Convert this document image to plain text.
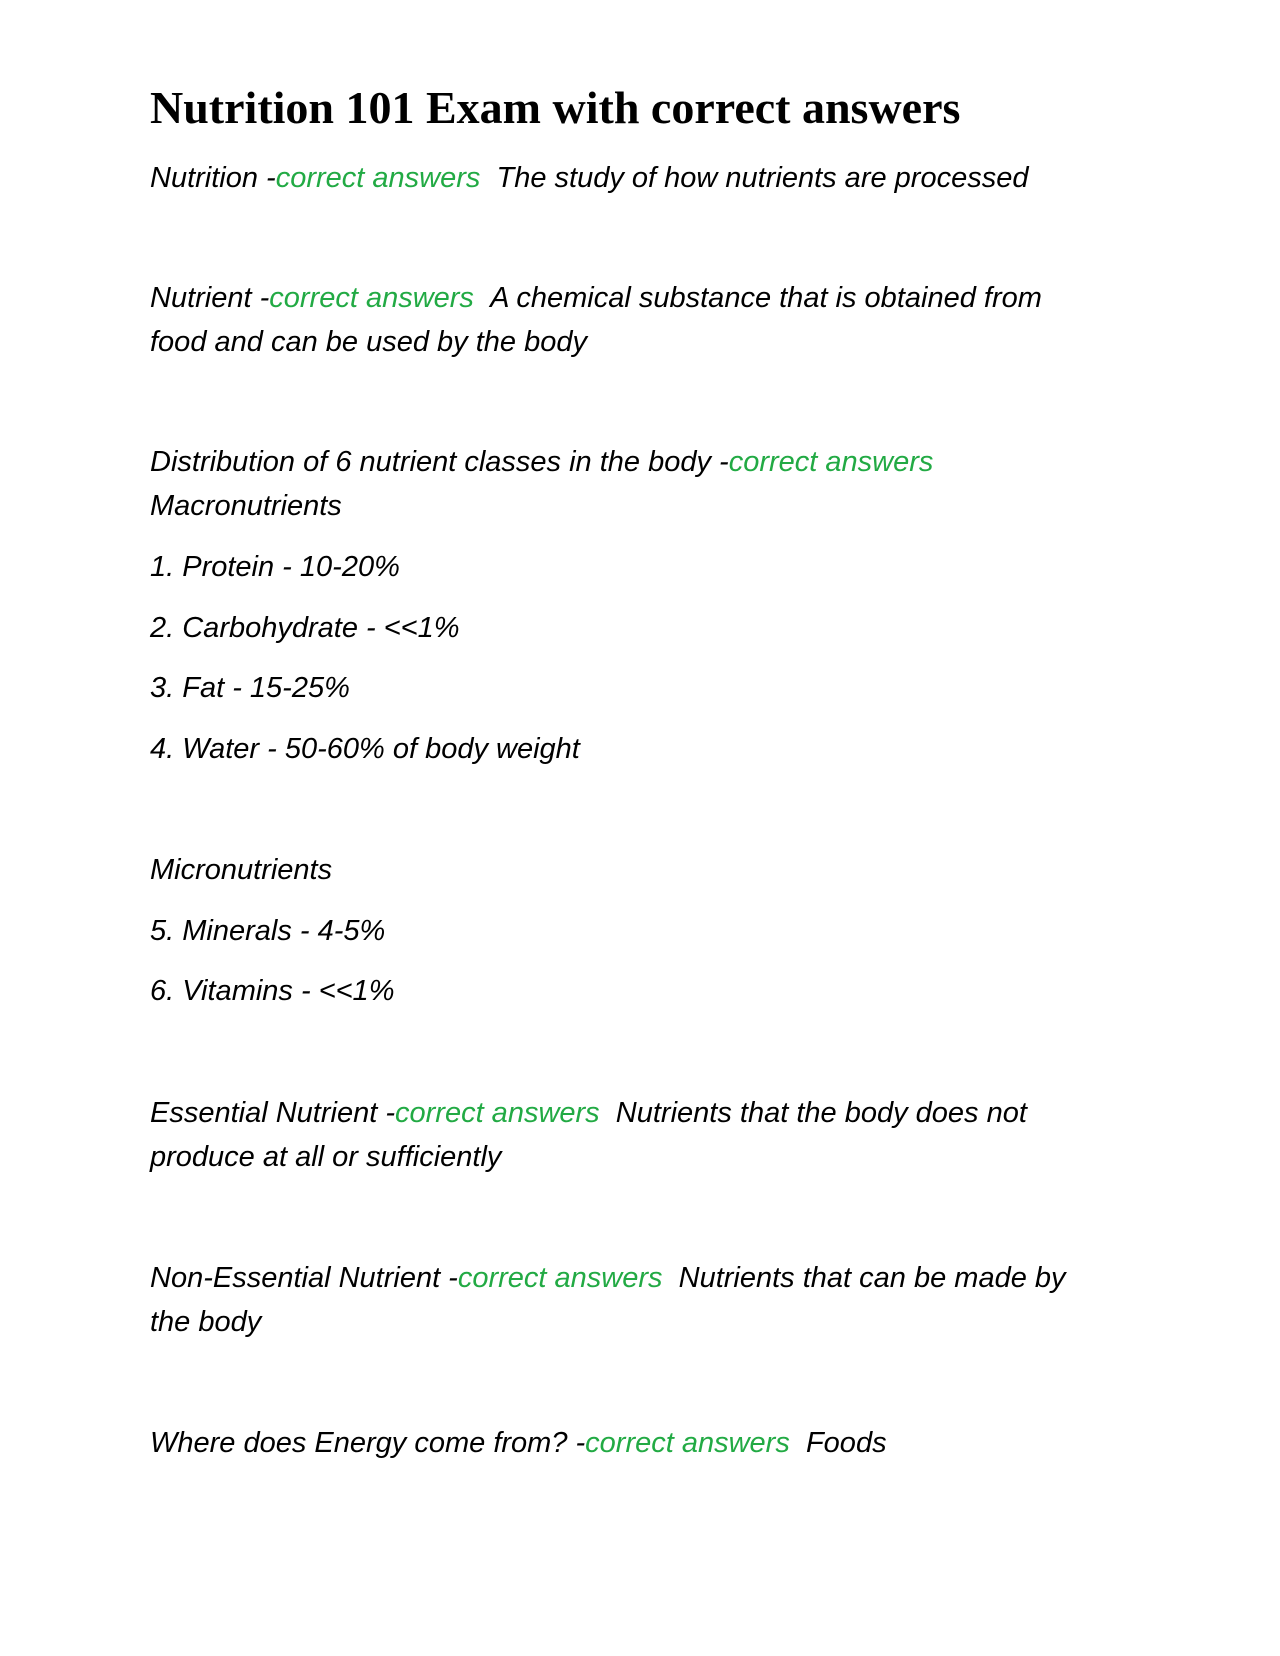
Nutrition 101 Exam with correct answers

Nutrition -correct answers The study of how nutrients are processed

Nutrient -correct answers A chemical substance that is obtained from

food and can be used by the body

Distribution of 6 nutrient classes in the body -correct answers

Macronutrients

1. Protein - 10-20%

2. Carbohydrate - <<1%

3. Fat - 15-25%

4. Water - 50-60% of body weight

Micronutrients

5. Minerals - 4-5%

6. Vitamins - <<1%

Essential Nutrient -correct answers Nutrients that the body does not

produce at all or sufficiently

Non-Essential Nutrient -correct answers Nutrients that can be made by

the body

Where does Energy come from? -correct answers Foods
